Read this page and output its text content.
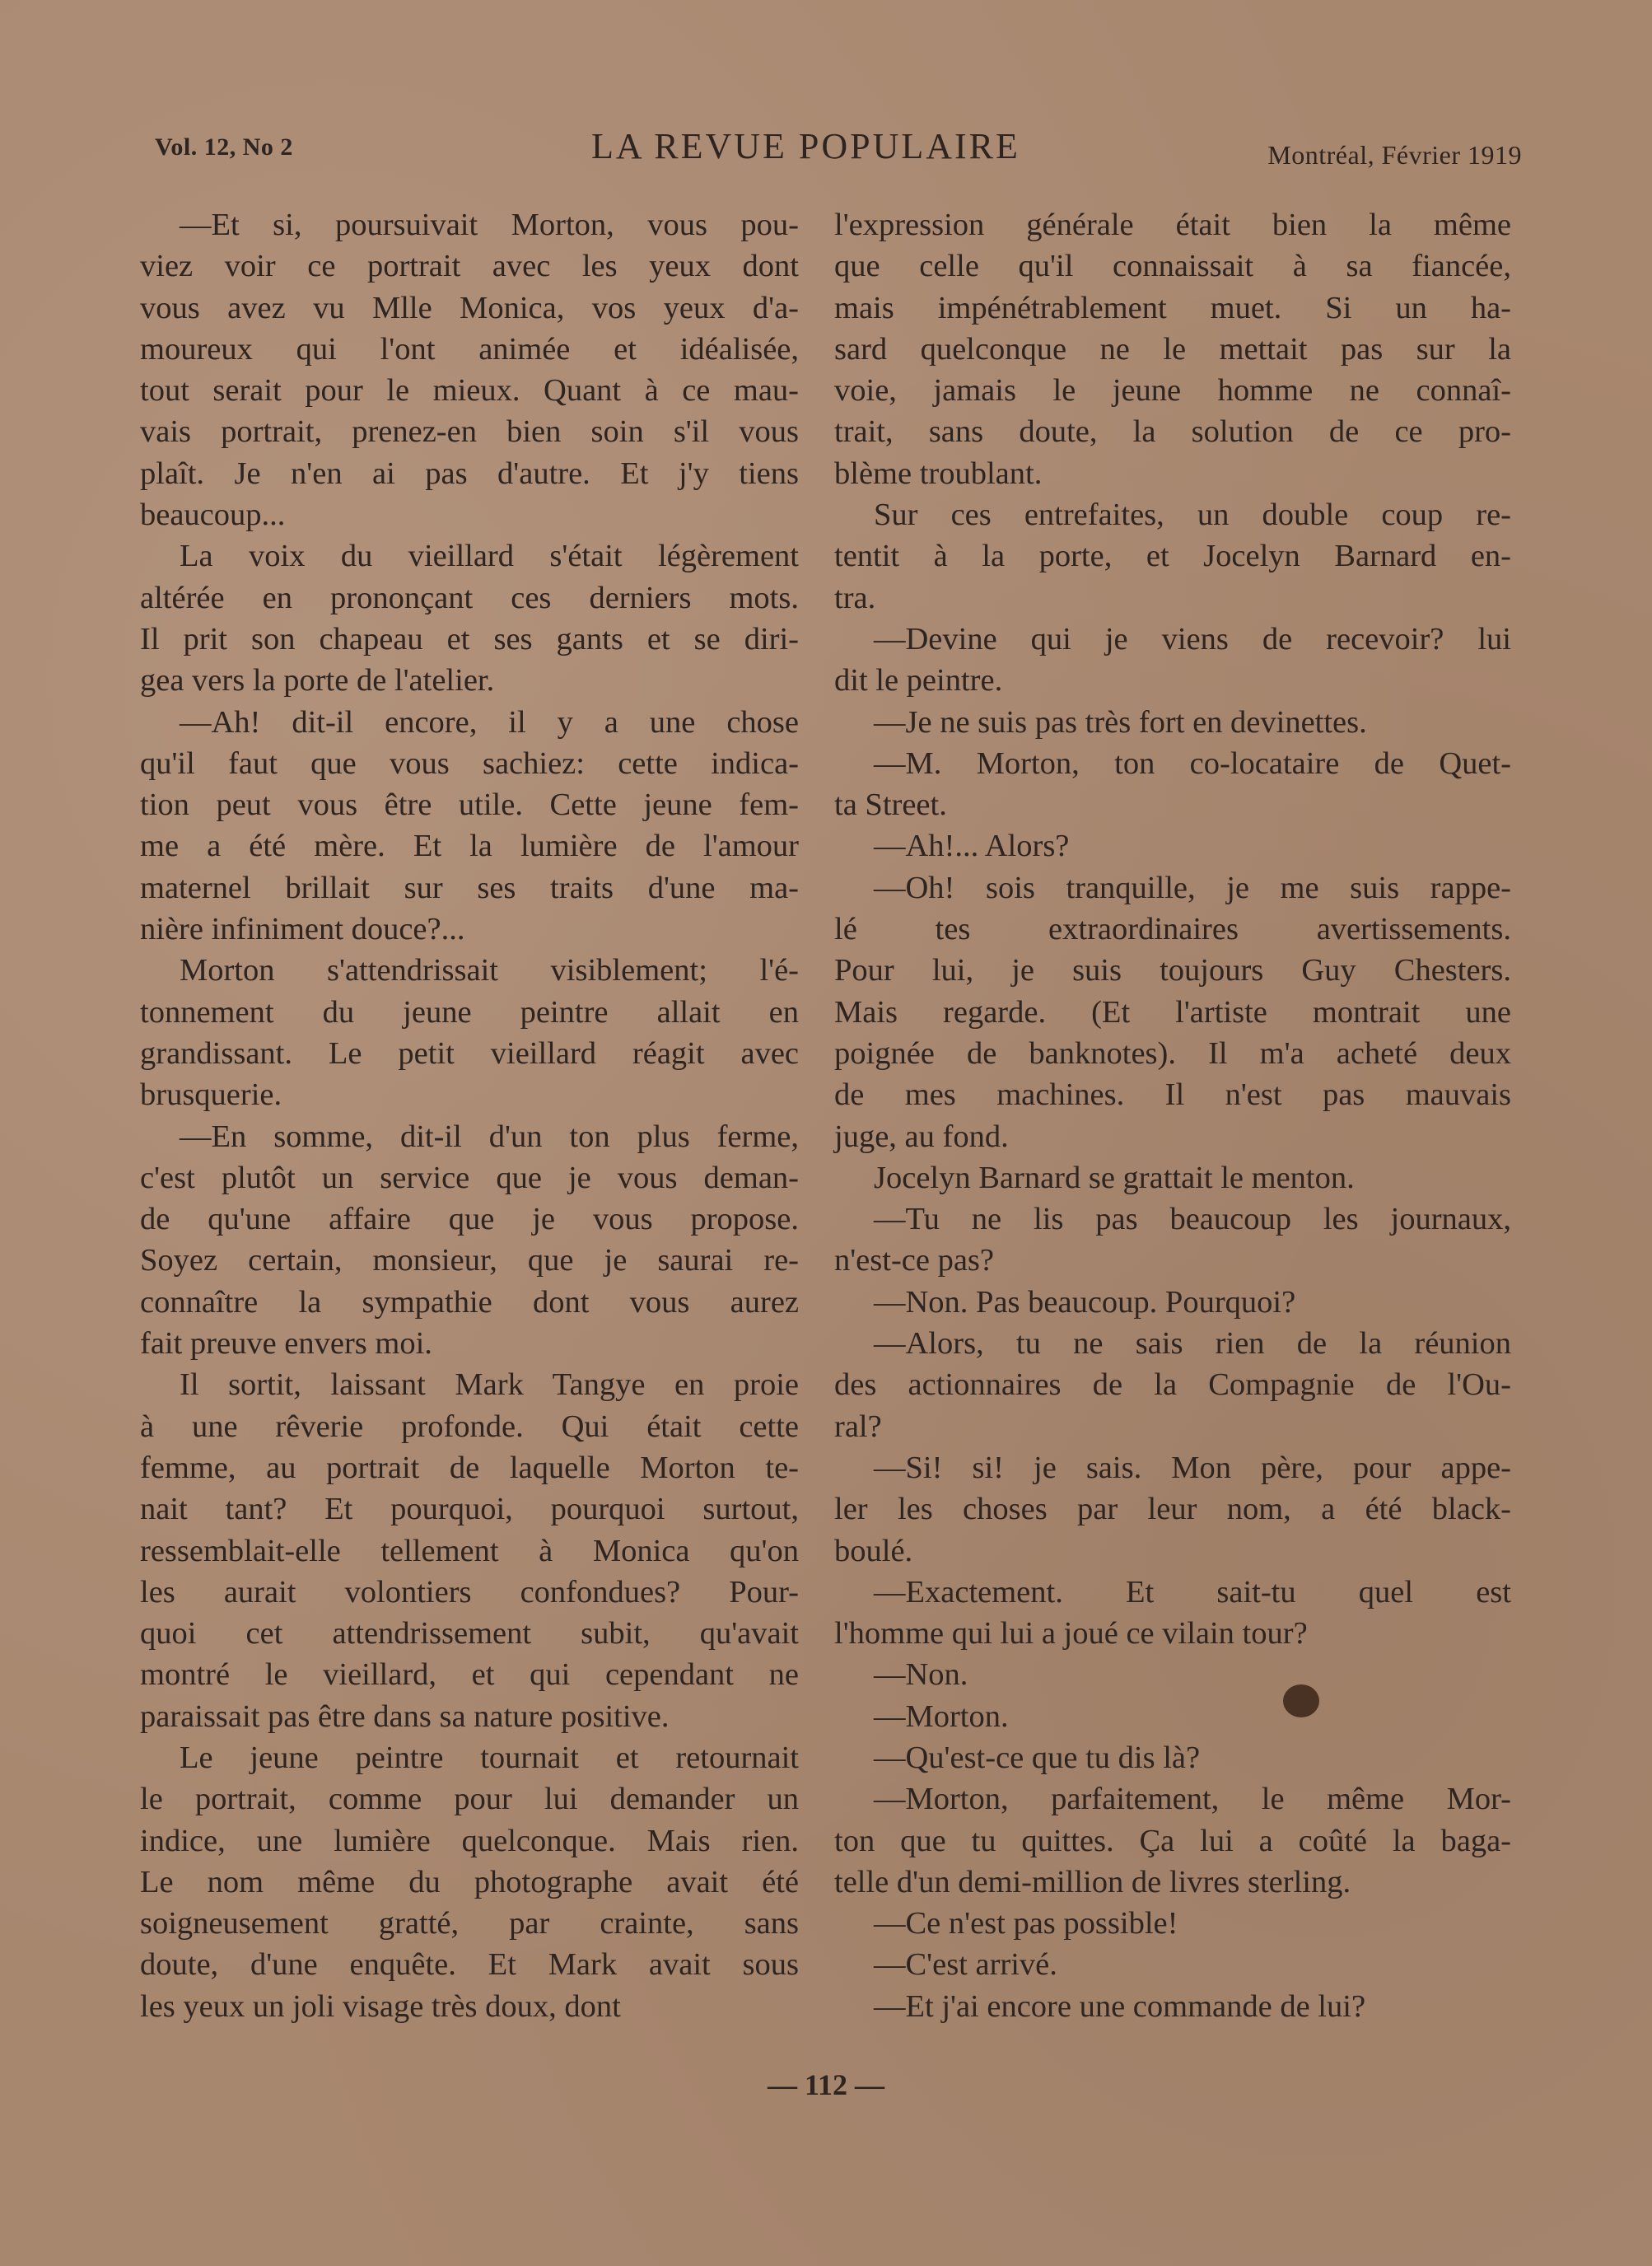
Vol. 12, No 2	LA REVUE POPULAIRE	Montréal, Février 1919

—Et si, poursuivait Morton, vous pou-
viez voir ce portrait avec les yeux dont
vous avez vu Mlle Monica, vos yeux d'a-
moureux qui l'ont animée et idéalisée,
tout serait pour le mieux. Quant à ce mau-
vais portrait, prenez-en bien soin s'il vous
plaît. Je n'en ai pas d'autre. Et j'y tiens
beaucoup...

La voix du vieillard s'était légèrement
altérée en prononçant ces derniers mots.
Il prit son chapeau et ses gants et se diri-
gea vers la porte de l'atelier.

—Ah! dit-il encore, il y a une chose
qu'il faut que vous sachiez: cette indica-
tion peut vous être utile. Cette jeune fem-
me a été mère. Et la lumière de l'amour
maternel brillait sur ses traits d'une ma-
nière infiniment douce?...

Morton s'attendrissait visiblement; l'é-
tonnement du jeune peintre allait en
grandissant. Le petit vieillard réagit avec
brusquerie.

—En somme, dit-il d'un ton plus ferme,
c'est plutôt un service que je vous deman-
de qu'une affaire que je vous propose.
Soyez certain, monsieur, que je saurai re-
connaître la sympathie dont vous aurez
fait preuve envers moi.

Il sortit, laissant Mark Tangye en proie
à une rêverie profonde. Qui était cette
femme, au portrait de laquelle Morton te-
nait tant? Et pourquoi, pourquoi surtout,
ressemblait-elle tellement à Monica qu'on
les aurait volontiers confondues? Pour-
quoi cet attendrissement subit, qu'avait
montré le vieillard, et qui cependant ne
paraissait pas être dans sa nature positive.

Le jeune peintre tournait et retournait
le portrait, comme pour lui demander un
indice, une lumière quelconque. Mais rien.
Le nom même du photographe avait été
soigneusement gratté, par crainte, sans
doute, d'une enquête. Et Mark avait sous
les yeux un joli visage très doux, dont

l'expression générale était bien la même
que celle qu'il connaissait à sa fiancée,
mais impénétrablement muet. Si un ha-
sard quelconque ne le mettait pas sur la
voie, jamais le jeune homme ne connaî-
trait, sans doute, la solution de ce pro-
blème troublant.

Sur ces entrefaites, un double coup re-
tentit à la porte, et Jocelyn Barnard en-
tra.

—Devine qui je viens de recevoir? lui
dit le peintre.

—Je ne suis pas très fort en devinettes.

—M. Morton, ton co-locataire de Quet-
ta Street.

—Ah!... Alors?

—Oh! sois tranquille, je me suis rappe-
lé tes extraordinaires avertissements.
Pour lui, je suis toujours Guy Chesters.
Mais regarde. (Et l'artiste montrait une
poignée de banknotes). Il m'a acheté deux
de mes machines. Il n'est pas mauvais
juge, au fond.

Jocelyn Barnard se grattait le menton.

—Tu ne lis pas beaucoup les journaux,
n'est-ce pas?

—Non. Pas beaucoup. Pourquoi?

—Alors, tu ne sais rien de la réunion
des actionnaires de la Compagnie de l'Ou-
ral?

—Si! si! je sais. Mon père, pour appe-
ler les choses par leur nom, a été black-
boulé.

—Exactement. Et sait-tu quel est
l'homme qui lui a joué ce vilain tour?

—Non.

—Morton.

—Qu'est-ce que tu dis là?

—Morton, parfaitement, le même Mor-
ton que tu quittes. Ça lui a coûté la baga-
telle d'un demi-million de livres sterling.

—Ce n'est pas possible!

—C'est arrivé.

—Et j'ai encore une commande de lui?

— 112 —
